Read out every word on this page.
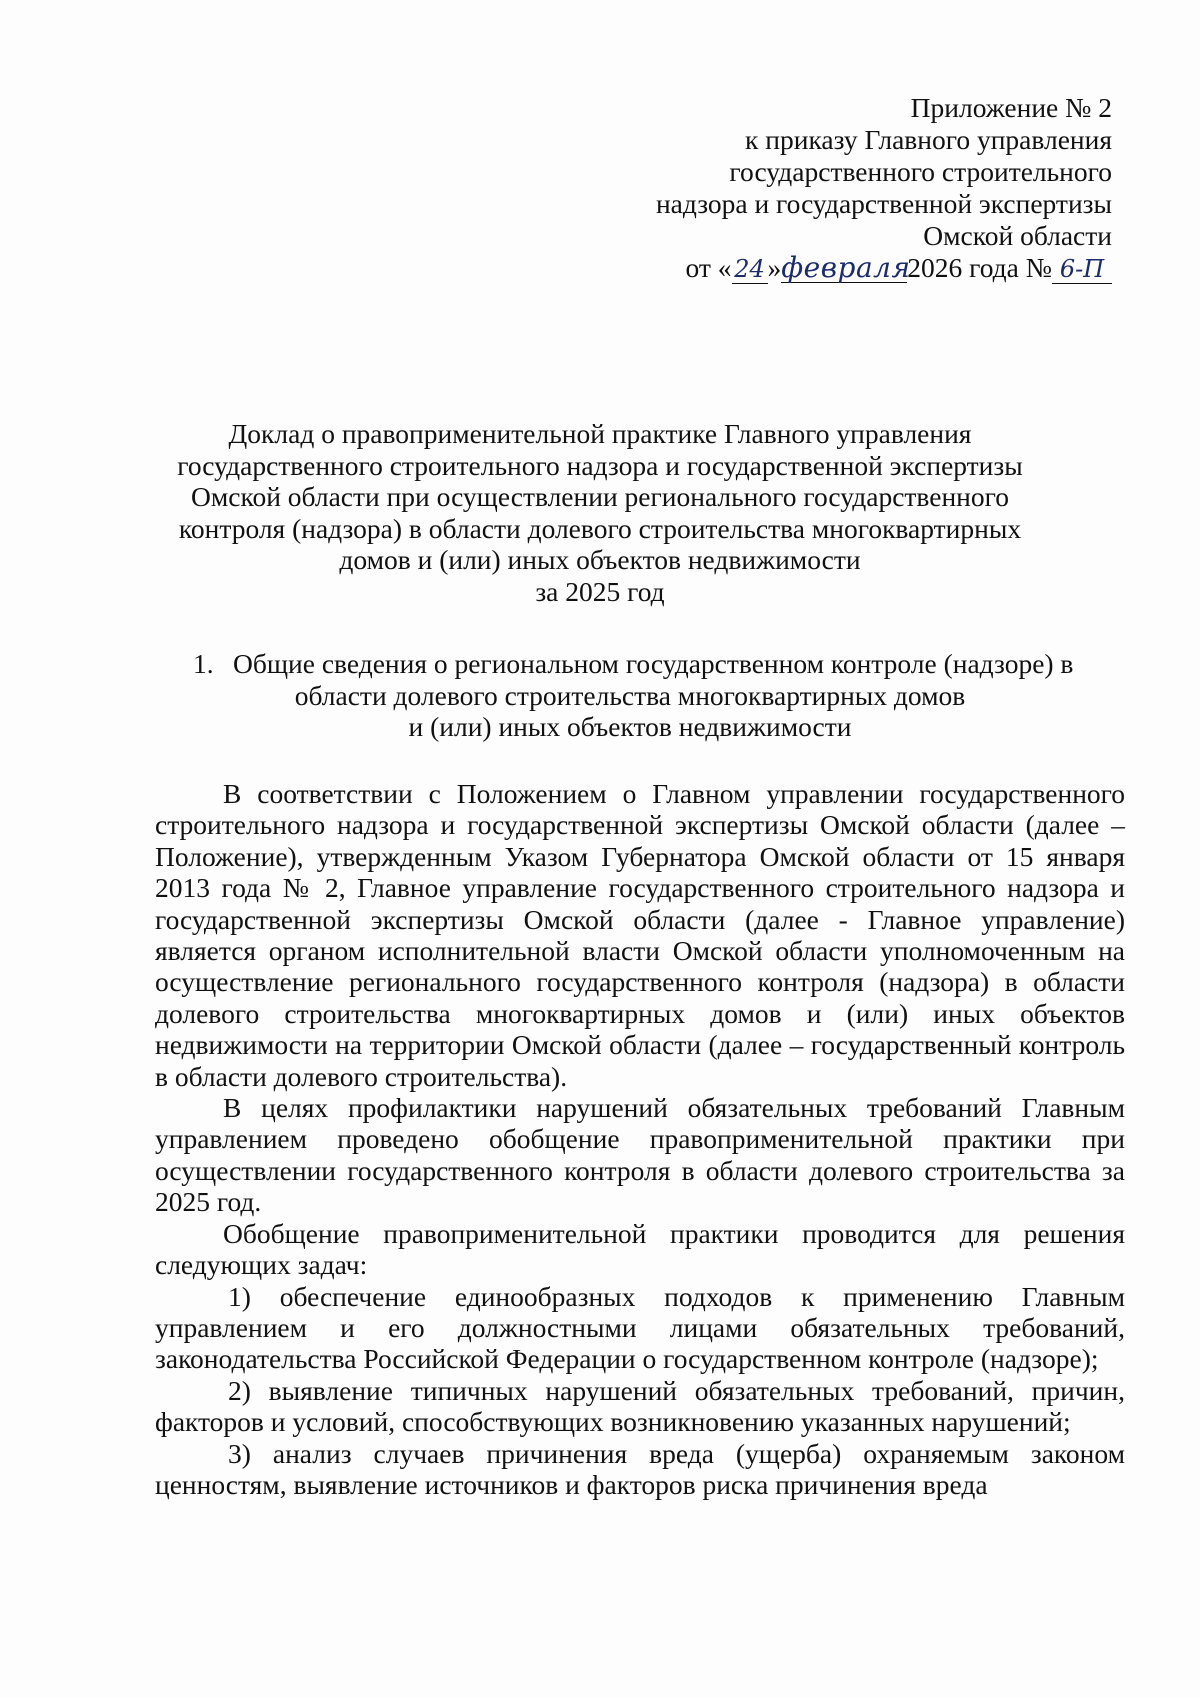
Приложение № 2
к приказу Главного управления
государственного строительного
надзора и государственной экспертизы
Омской области
от « 24»февраля2026 года № 6-П
Доклад о правоприменительной практике Главного управления
государственного строительного надзора и государственной экспертизы
Омской области при осуществлении регионального государственного
контроля (надзора) в области долевого строительства многоквартирных
домов и (или) иных объектов недвижимости
за 2025 год
1. Общие сведения о региональном государственном контроле (надзоре) в
области долевого строительства многоквартирных домов
и (или) иных объектов недвижимости

В соответствии с Положением о Главном управлении государственного строительного надзора и государственной экспертизы Омской области (далее – Положение), утвержденным Указом Губернатора Омской области от 15 января 2013 года № 2, Главное управление государственного строительного надзора и государственной экспертизы Омской области (далее - Главное управление) является органом исполнительной власти Омской области уполномоченным на осуществление регионального государственного контроля (надзора) в области долевого строительства многоквартирных домов и (или) иных объектов недвижимости на территории Омской области (далее – государственный контроль в области долевого строительства).

В целях профилактики нарушений обязательных требований Главным управлением проведено обобщение правоприменительной практики при осуществлении государственного контроля в области долевого строительства за 2025 год.

Обобщение правоприменительной практики проводится для решения следующих задач:

1) обеспечение единообразных подходов к применению Главным управлением и его должностными лицами обязательных требований, законодательства Российской Федерации о государственном контроле (надзоре);

2) выявление типичных нарушений обязательных требований, причин, факторов и условий, способствующих возникновению указанных нарушений;

3) анализ случаев причинения вреда (ущерба) охраняемым законом ценностям, выявление источников и факторов риска причинения вреда
